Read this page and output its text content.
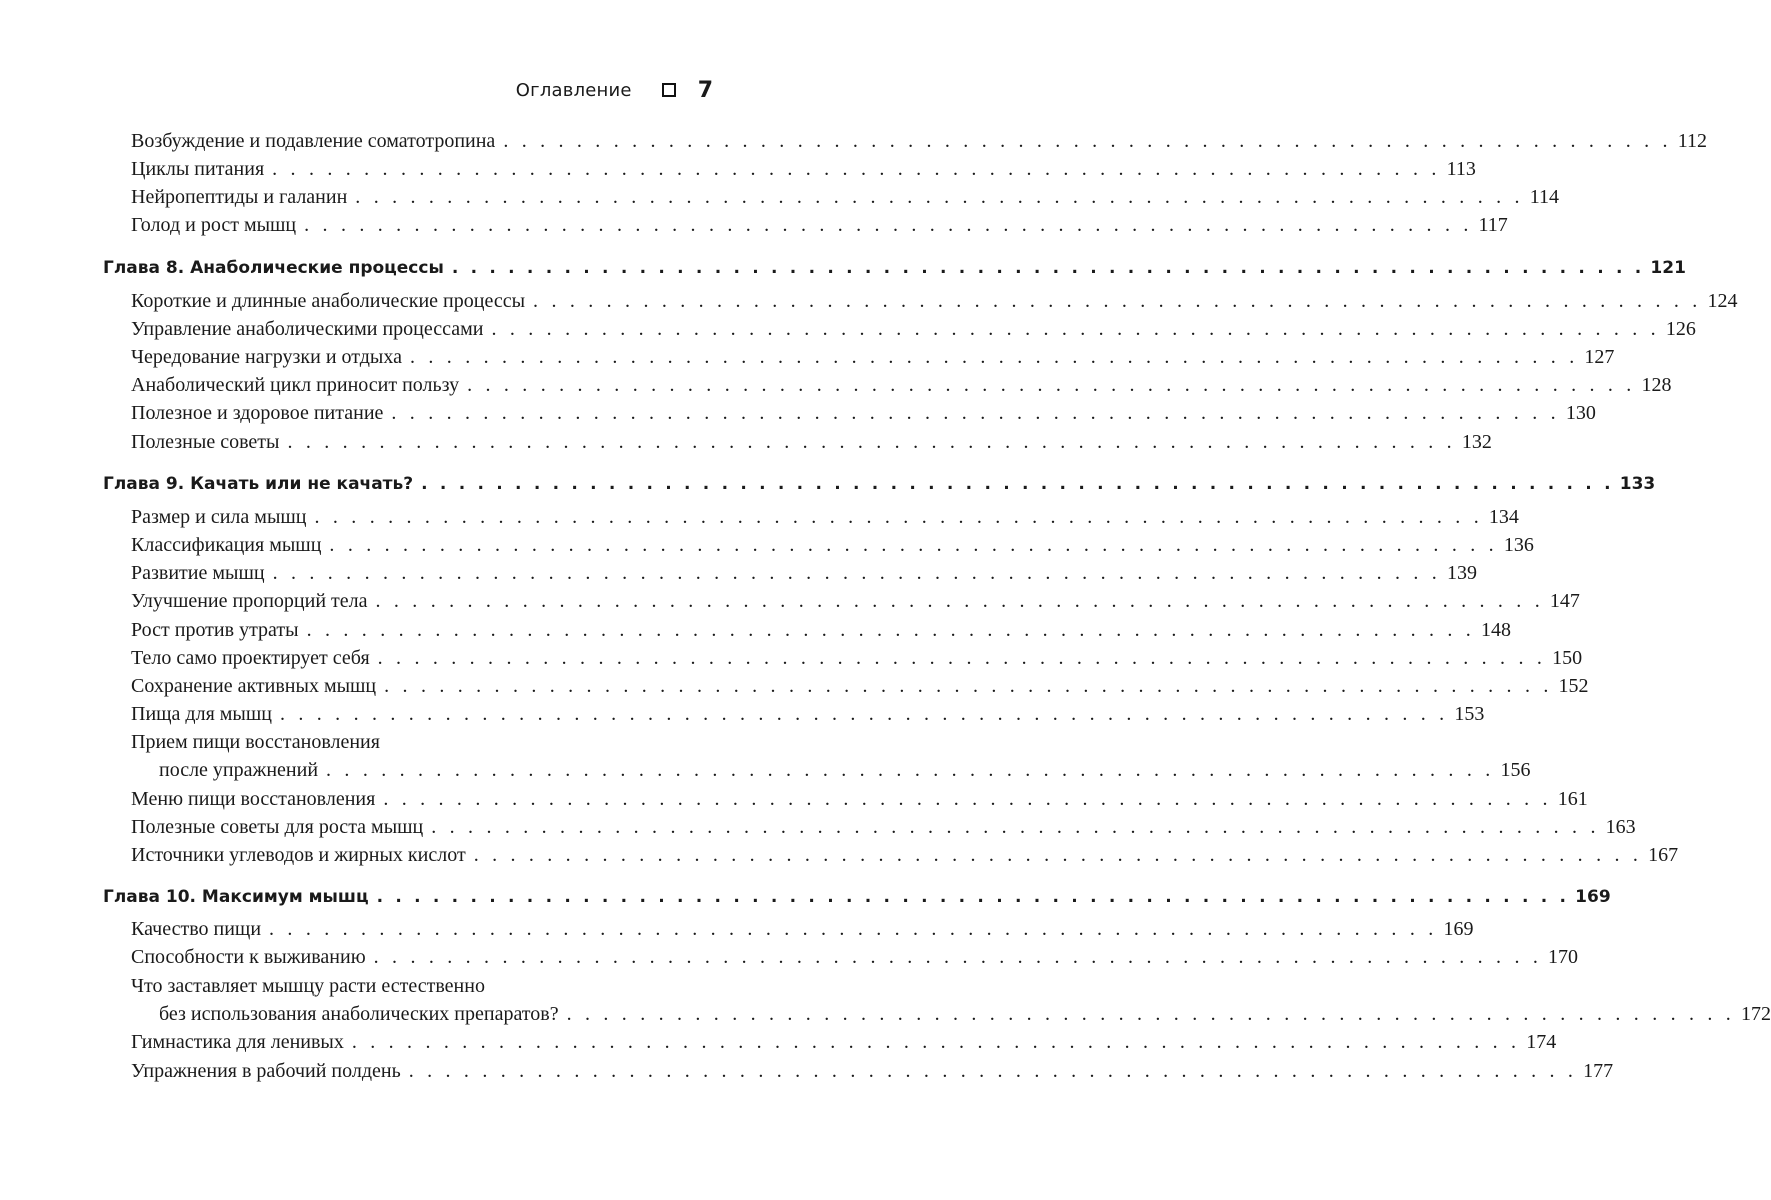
Оглавление	7
Возбуждение и подавление соматотропина . . . . . . . . . . . . . . . . . . . . . . . . . . . . . . . . . . . . . . . . . . . . . . . . . . . . . . . . . . . . . . . . 112
Циклы питания . . . . . . . . . . . . . . . . . . . . . . . . . . . . . . . . . . . . . . . . . . . . . . . . . . . . . . . . . . . . . . . . 113
Нейропептиды и галанин . . . . . . . . . . . . . . . . . . . . . . . . . . . . . . . . . . . . . . . . . . . . . . . . . . . . . . . . . . . . . . . . 114
Голод и рост мышц . . . . . . . . . . . . . . . . . . . . . . . . . . . . . . . . . . . . . . . . . . . . . . . . . . . . . . . . . . . . . . . . 117
Глава 8. Анаболические процессы . . . . . . . . . . . . . . . . . . . . . . . . . . . . . . . . . . . . . . . . . . . . . . . . . . . . . . . . . . . . . . . . 121
Короткие и длинные анаболические процессы . . . . . . . . . . . . . . . . . . . . . . . . . . . . . . . . . . . . . . . . . . . . . . . . . . . . . . . . . . . . . . . . 124
Управление анаболическими процессами . . . . . . . . . . . . . . . . . . . . . . . . . . . . . . . . . . . . . . . . . . . . . . . . . . . . . . . . . . . . . . . . 126
Чередование нагрузки и отдыха . . . . . . . . . . . . . . . . . . . . . . . . . . . . . . . . . . . . . . . . . . . . . . . . . . . . . . . . . . . . . . . . 127
Анаболический цикл приносит пользу . . . . . . . . . . . . . . . . . . . . . . . . . . . . . . . . . . . . . . . . . . . . . . . . . . . . . . . . . . . . . . . . 128
Полезное и здоровое питание . . . . . . . . . . . . . . . . . . . . . . . . . . . . . . . . . . . . . . . . . . . . . . . . . . . . . . . . . . . . . . . . 130
Полезные советы . . . . . . . . . . . . . . . . . . . . . . . . . . . . . . . . . . . . . . . . . . . . . . . . . . . . . . . . . . . . . . . . 132
Глава 9. Качать или не качать? . . . . . . . . . . . . . . . . . . . . . . . . . . . . . . . . . . . . . . . . . . . . . . . . . . . . . . . . . . . . . . . . 133
Размер и сила мышц . . . . . . . . . . . . . . . . . . . . . . . . . . . . . . . . . . . . . . . . . . . . . . . . . . . . . . . . . . . . . . . . 134
Классификация мышц . . . . . . . . . . . . . . . . . . . . . . . . . . . . . . . . . . . . . . . . . . . . . . . . . . . . . . . . . . . . . . . . 136
Развитие мышц . . . . . . . . . . . . . . . . . . . . . . . . . . . . . . . . . . . . . . . . . . . . . . . . . . . . . . . . . . . . . . . . 139
Улучшение пропорций тела . . . . . . . . . . . . . . . . . . . . . . . . . . . . . . . . . . . . . . . . . . . . . . . . . . . . . . . . . . . . . . . . 147
Рост против утраты . . . . . . . . . . . . . . . . . . . . . . . . . . . . . . . . . . . . . . . . . . . . . . . . . . . . . . . . . . . . . . . . 148
Тело само проектирует себя . . . . . . . . . . . . . . . . . . . . . . . . . . . . . . . . . . . . . . . . . . . . . . . . . . . . . . . . . . . . . . . . 150
Сохранение активных мышц . . . . . . . . . . . . . . . . . . . . . . . . . . . . . . . . . . . . . . . . . . . . . . . . . . . . . . . . . . . . . . . . 152
Пища для мышц . . . . . . . . . . . . . . . . . . . . . . . . . . . . . . . . . . . . . . . . . . . . . . . . . . . . . . . . . . . . . . . . 153
Прием пищи восстановления
после упражнений . . . . . . . . . . . . . . . . . . . . . . . . . . . . . . . . . . . . . . . . . . . . . . . . . . . . . . . . . . . . . . . . 156
Меню пищи восстановления . . . . . . . . . . . . . . . . . . . . . . . . . . . . . . . . . . . . . . . . . . . . . . . . . . . . . . . . . . . . . . . . 161
Полезные советы для роста мышц . . . . . . . . . . . . . . . . . . . . . . . . . . . . . . . . . . . . . . . . . . . . . . . . . . . . . . . . . . . . . . . . 163
Источники углеводов и жирных кислот . . . . . . . . . . . . . . . . . . . . . . . . . . . . . . . . . . . . . . . . . . . . . . . . . . . . . . . . . . . . . . . . 167
Глава 10. Максимум мышц . . . . . . . . . . . . . . . . . . . . . . . . . . . . . . . . . . . . . . . . . . . . . . . . . . . . . . . . . . . . . . . . 169
Качество пищи . . . . . . . . . . . . . . . . . . . . . . . . . . . . . . . . . . . . . . . . . . . . . . . . . . . . . . . . . . . . . . . . 169
Способности к выживанию . . . . . . . . . . . . . . . . . . . . . . . . . . . . . . . . . . . . . . . . . . . . . . . . . . . . . . . . . . . . . . . . 170
Что заставляет мышцу расти естественно
без использования анаболических препаратов? . . . . . . . . . . . . . . . . . . . . . . . . . . . . . . . . . . . . . . . . . . . . . . . . . . . . . . . . . . . . . . . . 172
Гимнастика для ленивых . . . . . . . . . . . . . . . . . . . . . . . . . . . . . . . . . . . . . . . . . . . . . . . . . . . . . . . . . . . . . . . . 174
Упражнения в рабочий полдень . . . . . . . . . . . . . . . . . . . . . . . . . . . . . . . . . . . . . . . . . . . . . . . . . . . . . . . . . . . . . . . . 177
